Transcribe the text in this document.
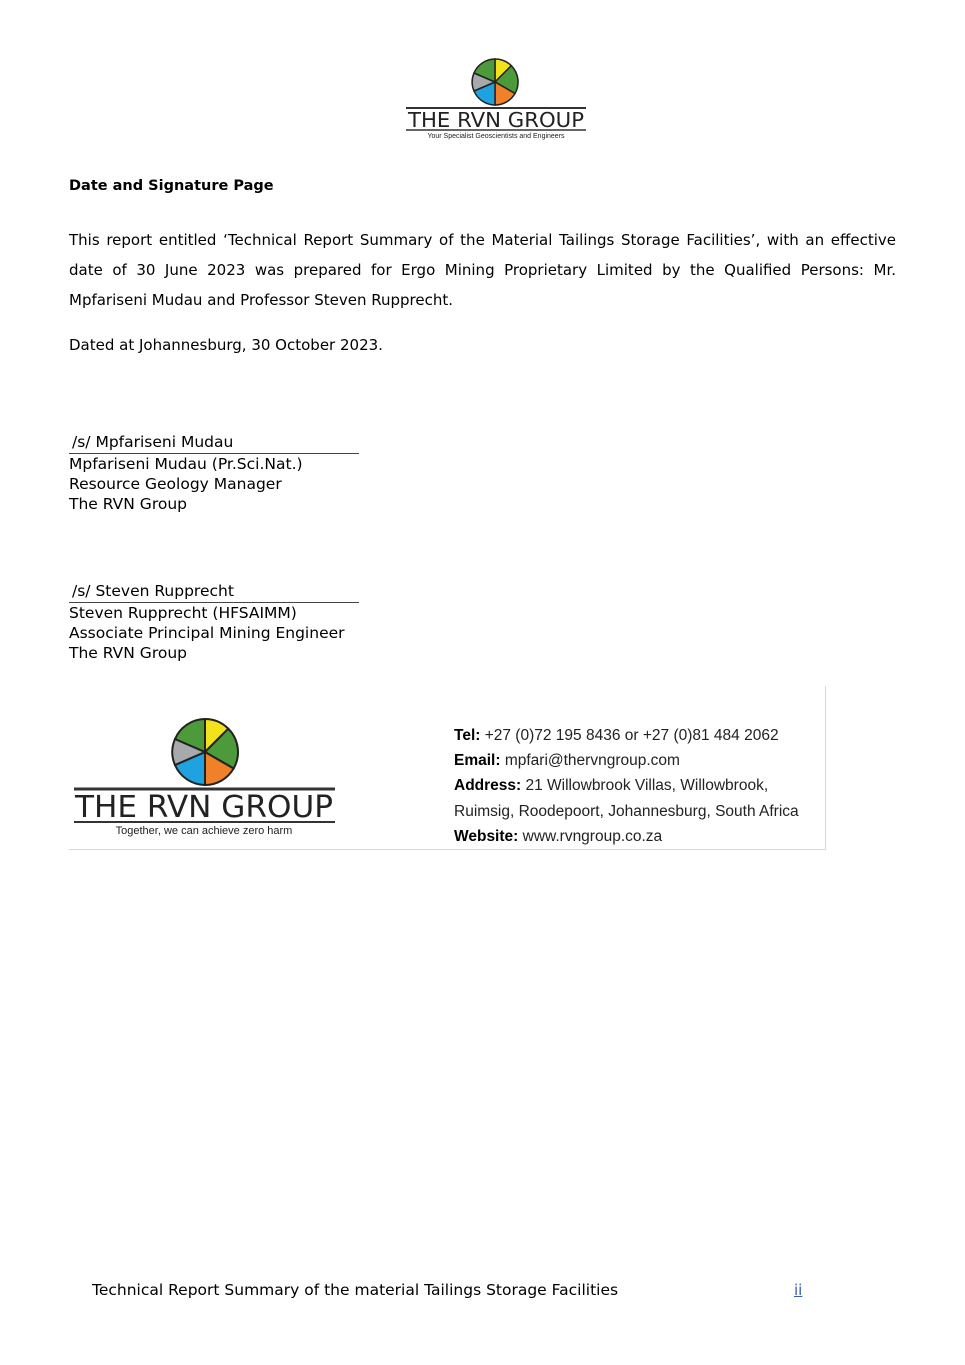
THE RVN GROUP
Your Specialist Geoscientists and Engineers
Date and Signature Page
This report entitled ‘Technical Report Summary of the Material Tailings Storage Facilities’, with an effective date of 30 June 2023 was prepared for Ergo Mining Proprietary Limited by the Qualified Persons: Mr. Mpfariseni Mudau and Professor Steven Rupprecht.
Dated at Johannesburg, 30 October 2023.
/s/ Mpfariseni Mudau
Mpfariseni Mudau (Pr.Sci.Nat.)
Resource Geology Manager
The RVN Group
/s/ Steven Rupprecht
Steven Rupprecht (HFSAIMM)
Associate Principal Mining Engineer
The RVN Group
THE RVN GROUP
Together, we can achieve zero harm
Tel: +27 (0)72 195 8436 or +27 (0)81 484 2062
Email: mpfari@thervngroup.com
Address: 21 Willowbrook Villas, Willowbrook,
Ruimsig, Roodepoort, Johannesburg, South Africa
Website: www.rvngroup.co.za
Technical Report Summary of the material Tailings Storage Facilities	ii
